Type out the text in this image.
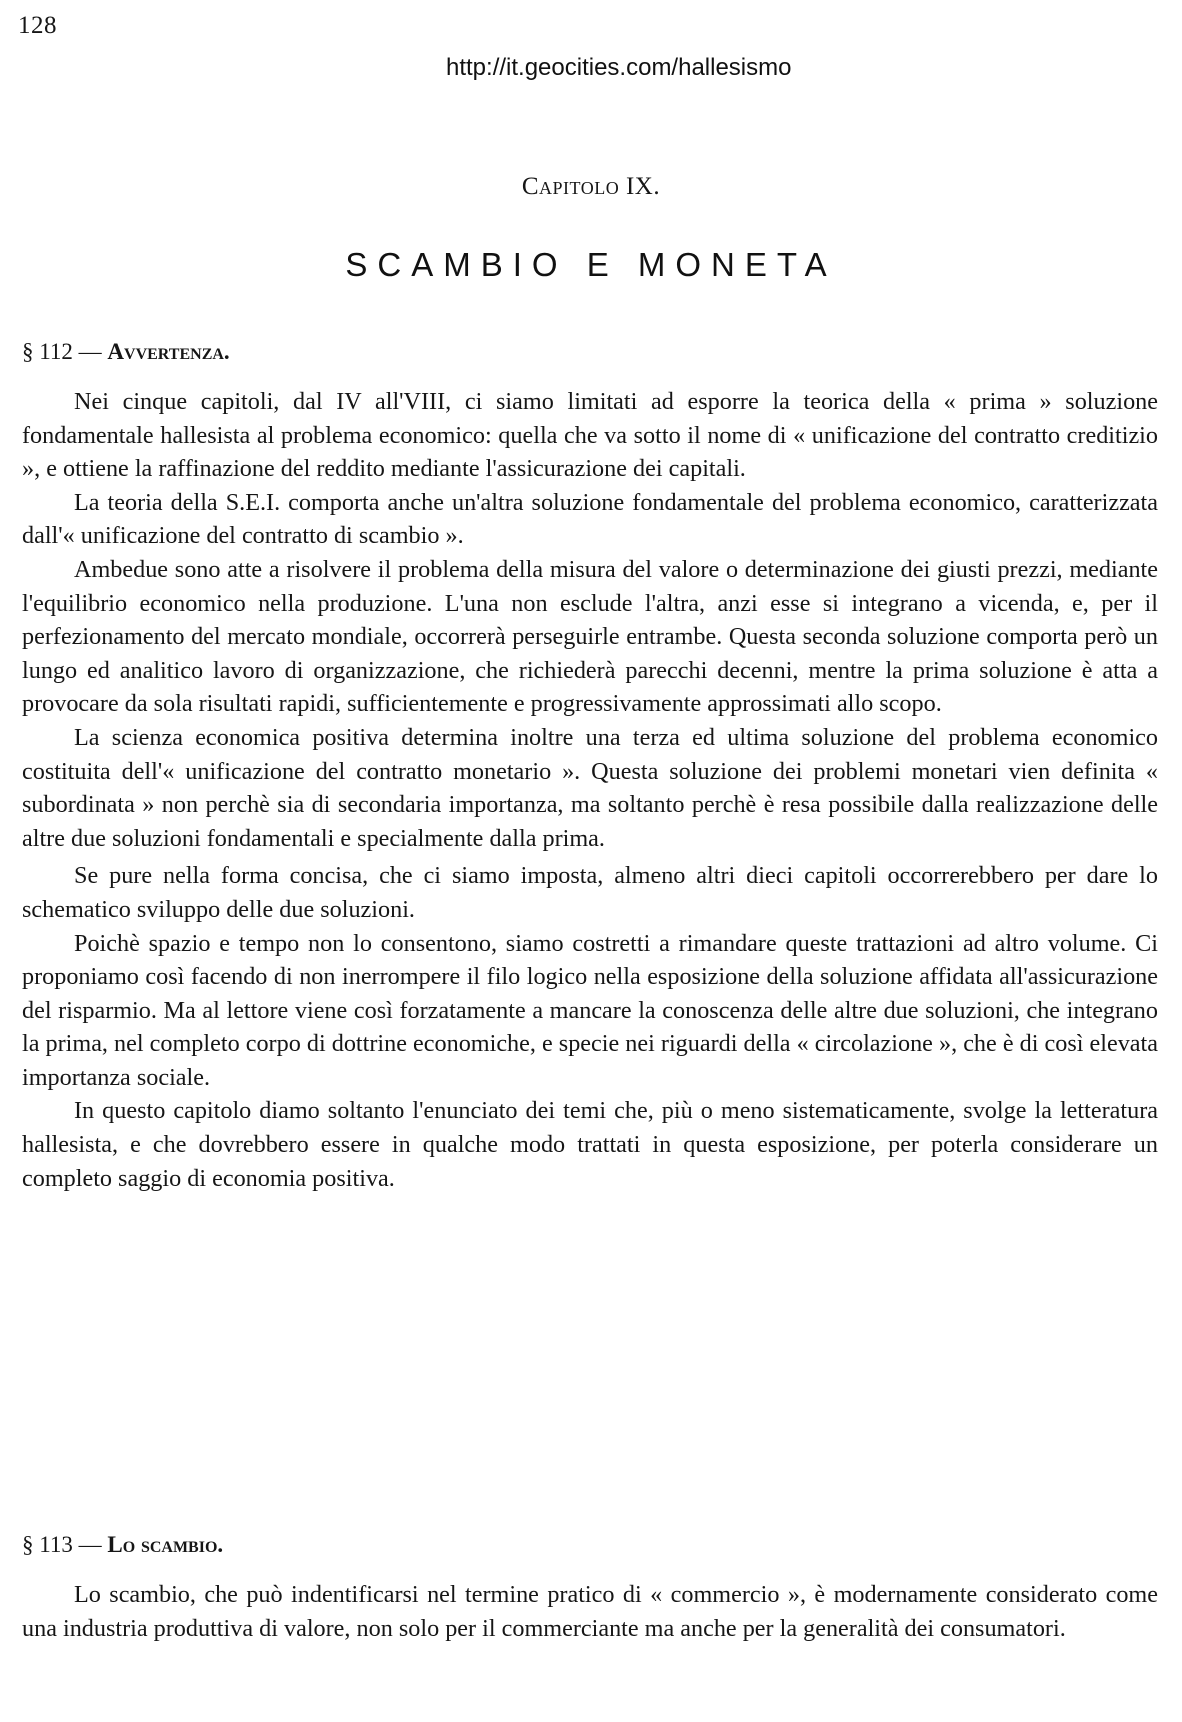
128
http://it.geocities.com/hallesismo
Capitolo IX.
SCAMBIO E MONETA
§ 112 — Avvertenza.

Nei cinque capitoli, dal IV all'VIII, ci siamo limitati ad esporre la teorica della « prima » soluzione fondamentale hallesista al problema economico: quella che va sotto il nome di « unificazione del contratto creditizio », e ottiene la raffinazione del reddito mediante l'assicurazione dei capitali.

La teoria della S.E.I. comporta anche un'altra soluzione fondamentale del problema economico, caratterizzata dall'« unificazione del contratto di scambio ».

Ambedue sono atte a risolvere il problema della misura del valore o determinazione dei giusti prezzi, mediante l'equilibrio economico nella produzione. L'una non esclude l'altra, anzi esse si integrano a vicenda, e, per il perfezionamento del mercato mondiale, occorrerà perseguirle entrambe. Questa seconda soluzione comporta però un lungo ed analitico lavoro di organizzazione, che richiederà parecchi decenni, mentre la prima soluzione è atta a provocare da sola risultati rapidi, sufficientemente e progressivamente approssimati allo scopo.

La scienza economica positiva determina inoltre una terza ed ultima soluzione del problema economico costituita dell'« unificazione del contratto monetario ». Questa soluzione dei problemi monetari vien definita « subordinata » non perchè sia di secondaria importanza, ma soltanto perchè è resa possibile dalla realizzazione delle altre due soluzioni fondamentali e specialmente dalla prima.

Se pure nella forma concisa, che ci siamo imposta, almeno altri dieci capitoli occorrerebbero per dare lo schematico sviluppo delle due soluzioni.

Poichè spazio e tempo non lo consentono, siamo costretti a rimandare queste trattazioni ad altro volume. Ci proponiamo così facendo di non inerrompere il filo logico nella esposizione della soluzione affidata all'assicurazione del risparmio. Ma al lettore viene così forzatamente a mancare la conoscenza delle altre due soluzioni, che integrano la prima, nel completo corpo di dottrine economiche, e specie nei riguardi della « circolazione », che è di così elevata importanza sociale.

In questo capitolo diamo soltanto l'enunciato dei temi che, più o meno sistematicamente, svolge la letteratura hallesista, e che dovrebbero essere in qualche modo trattati in questa esposizione, per poterla considerare un completo saggio di economia positiva.

§ 113 — Lo scambio.

Lo scambio, che può indentificarsi nel termine pratico di « commercio », è modernamente considerato come una industria produttiva di valore, non solo per il commerciante ma anche per la generalità dei consumatori.
